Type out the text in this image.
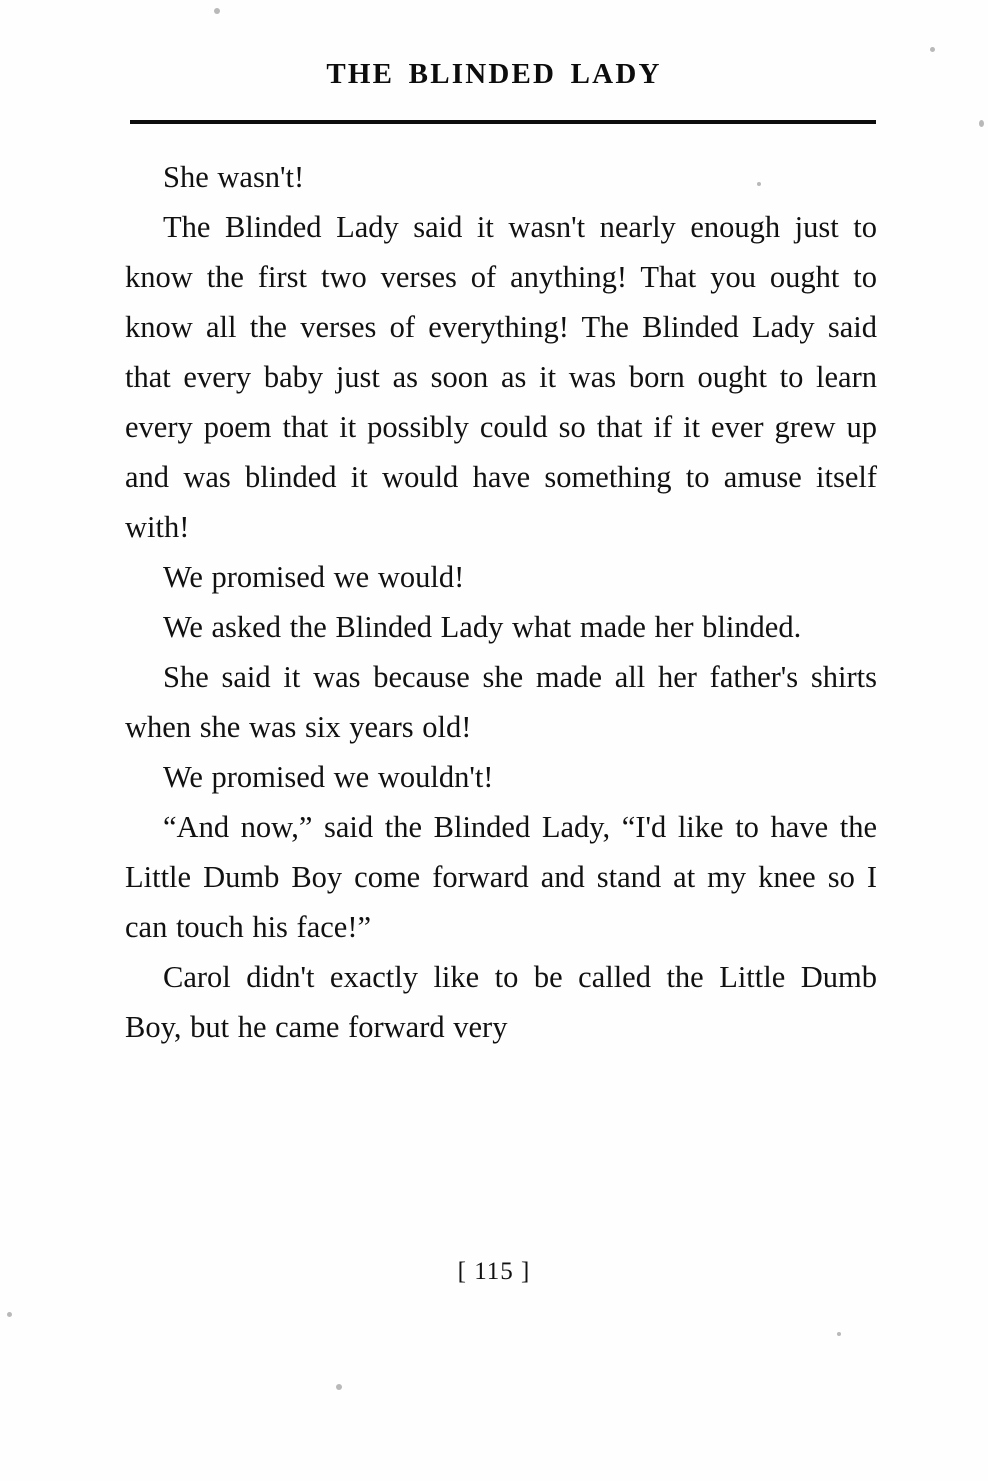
THE BLINDED LADY

She wasn't!

The Blinded Lady said it wasn't nearly enough just to know the first two verses of anything! That you ought to know all the verses of everything! The Blinded Lady said that every baby just as soon as it was born ought to learn every poem that it possibly could so that if it ever grew up and was blinded it would have something to amuse itself with!

We promised we would!

We asked the Blinded Lady what made her blinded.

She said it was because she made all her father's shirts when she was six years old!

We promised we wouldn't!

“And now,” said the Blinded Lady, “I'd like to have the Little Dumb Boy come forward and stand at my knee so I can touch his face!”

Carol didn't exactly like to be called the Little Dumb Boy, but he came forward very

[ 115 ]
